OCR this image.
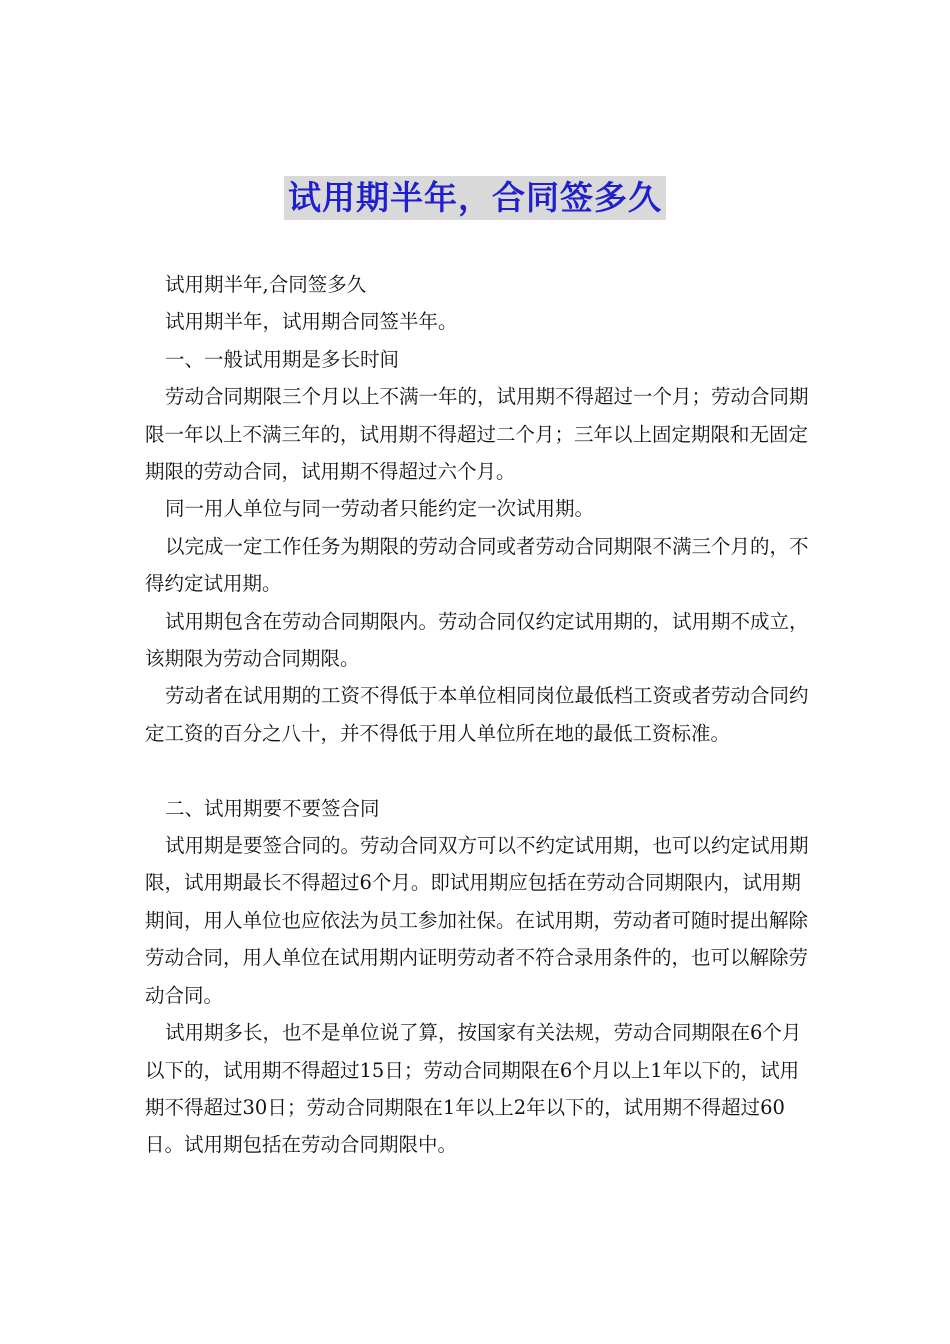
试用期半年，合同签多久

试用期半年,合同签多久

试用期半年，试用期合同签半年。

一、一般试用期是多长时间

劳动合同期限三个月以上不满一年的，试用期不得超过一个月；劳动合同期限一年以上不满三年的，试用期不得超过二个月；三年以上固定期限和无固定期限的劳动合同，试用期不得超过六个月。

同一用人单位与同一劳动者只能约定一次试用期。

以完成一定工作任务为期限的劳动合同或者劳动合同期限不满三个月的，不得约定试用期。

试用期包含在劳动合同期限内。劳动合同仅约定试用期的，试用期不成立，该期限为劳动合同期限。

劳动者在试用期的工资不得低于本单位相同岗位最低档工资或者劳动合同约定工资的百分之八十，并不得低于用人单位所在地的最低工资标准。

二、试用期要不要签合同

试用期是要签合同的。劳动合同双方可以不约定试用期，也可以约定试用期限，试用期最长不得超过6个月。即试用期应包括在劳动合同期限内，试用期期间，用人单位也应依法为员工参加社保。在试用期，劳动者可随时提出解除劳动合同，用人单位在试用期内证明劳动者不符合录用条件的，也可以解除劳动合同。

试用期多长，也不是单位说了算，按国家有关法规，劳动合同期限在6个月以下的，试用期不得超过15日；劳动合同期限在6个月以上1年以下的，试用期不得超过30日；劳动合同期限在1年以上2年以下的，试用期不得超过60日。试用期包括在劳动合同期限中。
